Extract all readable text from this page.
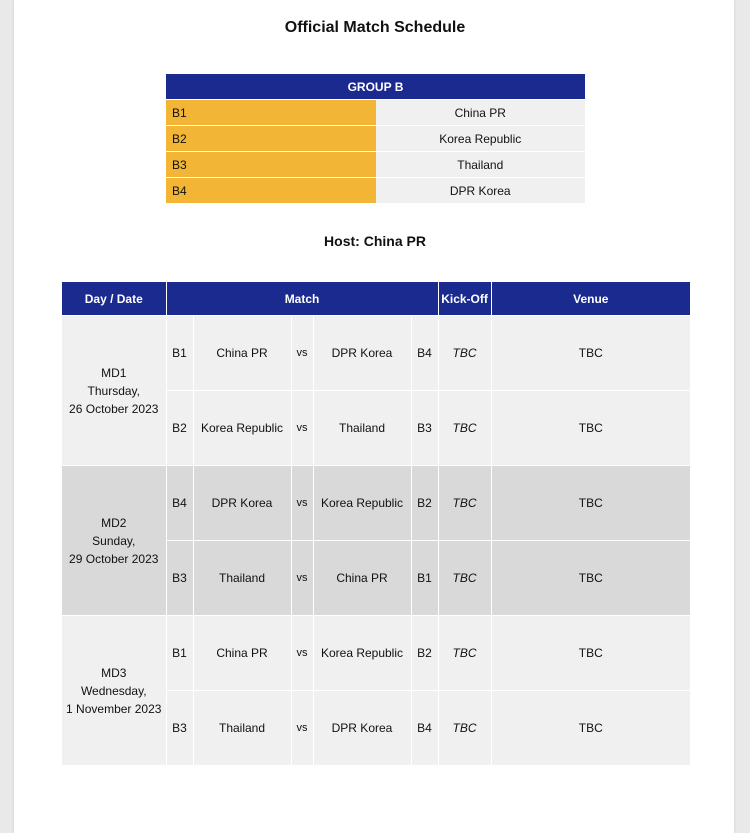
Official Match Schedule
GROUP B	
B1	China PR
B2	Korea Republic
B3	Thailand
B4	DPR Korea
Host: China PR
Day / Date	Match					Kick-Off	Venue

MD1
Thursday,
26 October 2023	B1	China PR	vs	DPR Korea	B4	TBC	TBC
	B2	Korea Republic	vs	Thailand	B3	TBC	TBC

MD2
Sunday,
29 October 2023	B4	DPR Korea	vs	Korea Republic	B2	TBC	TBC
	B3	Thailand	vs	China PR	B1	TBC	TBC

MD3
Wednesday,
1 November 2023	B1	China PR	vs	Korea Republic	B2	TBC	TBC
	B3	Thailand	vs	DPR Korea	B4	TBC	TBC
